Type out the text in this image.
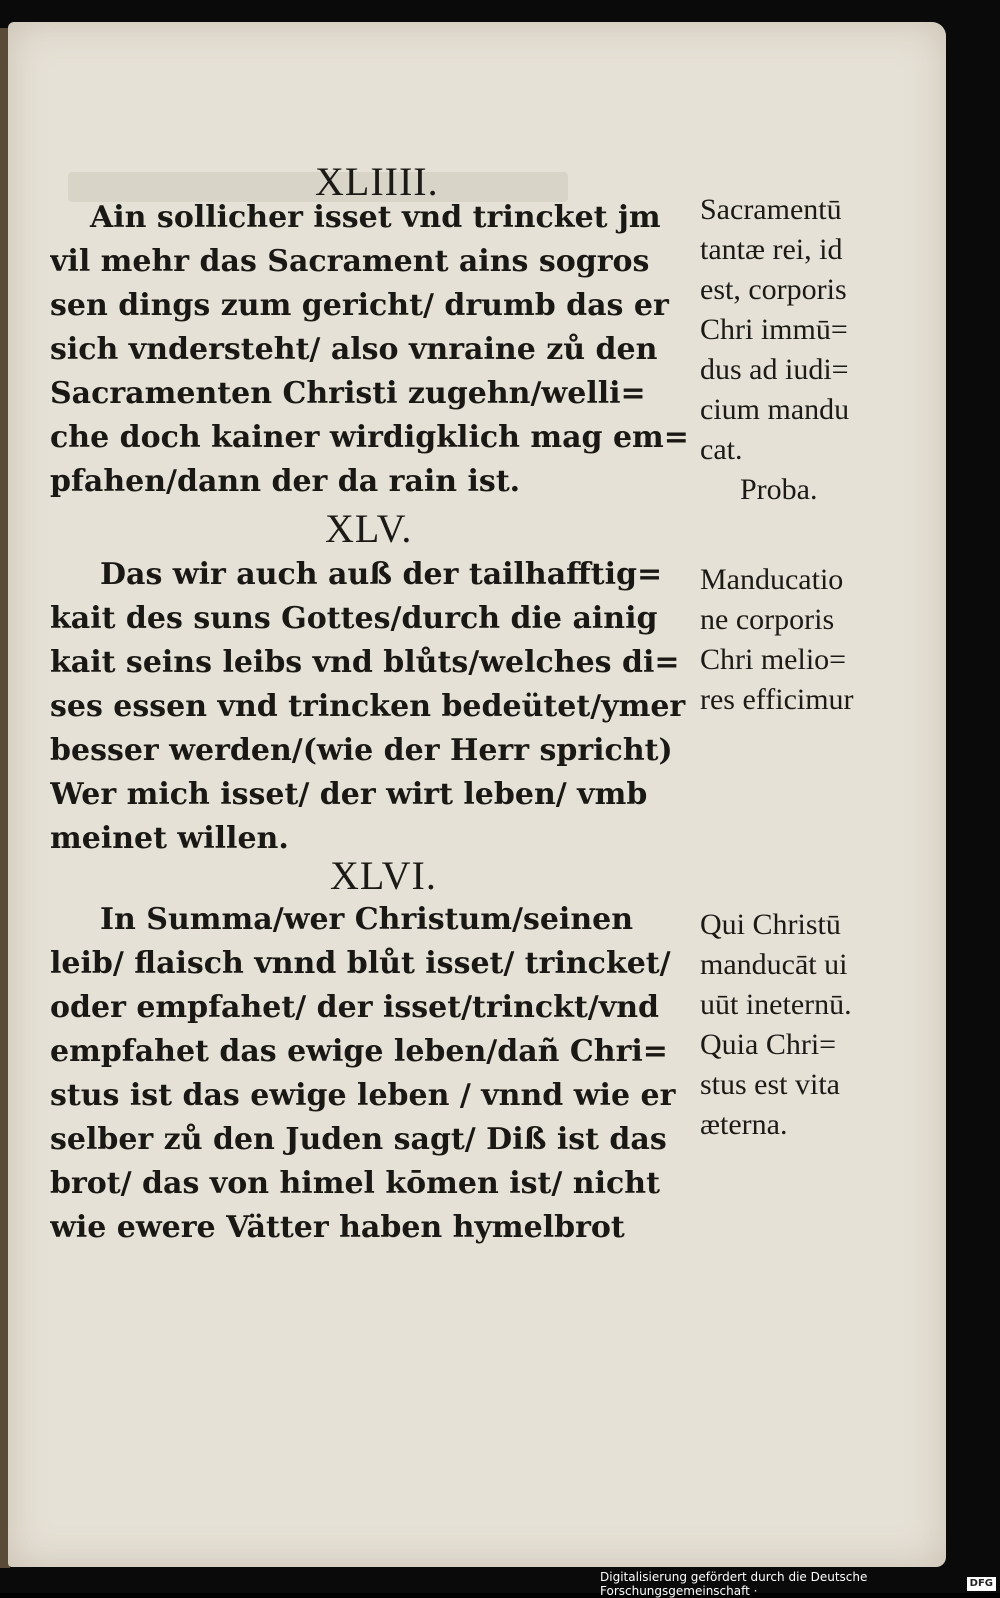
XLIIII.
Ain sollicher isset vnd trincket jm
vil mehr das Sacrament ains sogros
sen dings zum gericht/ drumb das er
sich vndersteht/ also vnraine zů den
Sacramenten Christi zugehn/welli=
che doch kainer wirdigklich mag em=
pfahen/dann der da rain ist.
Sacramentū
tantæ rei, id
est, corporis
Chri immū=
dus ad iudi=
cium mandu
cat.
Proba.
XLV.
Das wir auch auß der tailhafftig=
kait des suns Gottes/durch die ainig
kait seins leibs vnd blůts/welches di=
ses essen vnd trincken bedeütet/ymer
besser werden/(wie der Herr spricht)
Wer mich isset/ der wirt leben/ vmb
meinet willen.
Manducatio
ne corporis
Chri melio=
res efficimur
XLVI.
In Summa/wer Christum/seinen
leib/ flaisch vnnd blůt isset/ trincket/
oder empfahet/ der isset/trinckt/vnd
empfahet das ewige leben/dañ Chri=
stus ist das ewige leben / vnnd wie er
selber zů den Juden sagt/ Diß ist das
brot/ das von himel kōmen ist/ nicht
wie ewere Vätter haben hymelbrot
Qui Christū
manducāt ui
uūt ineternū.
Quia Chri=
stus est vita
æterna.
Digitalisierung gefördert durch die Deutsche Forschungsgemeinschaft ·
DFG
